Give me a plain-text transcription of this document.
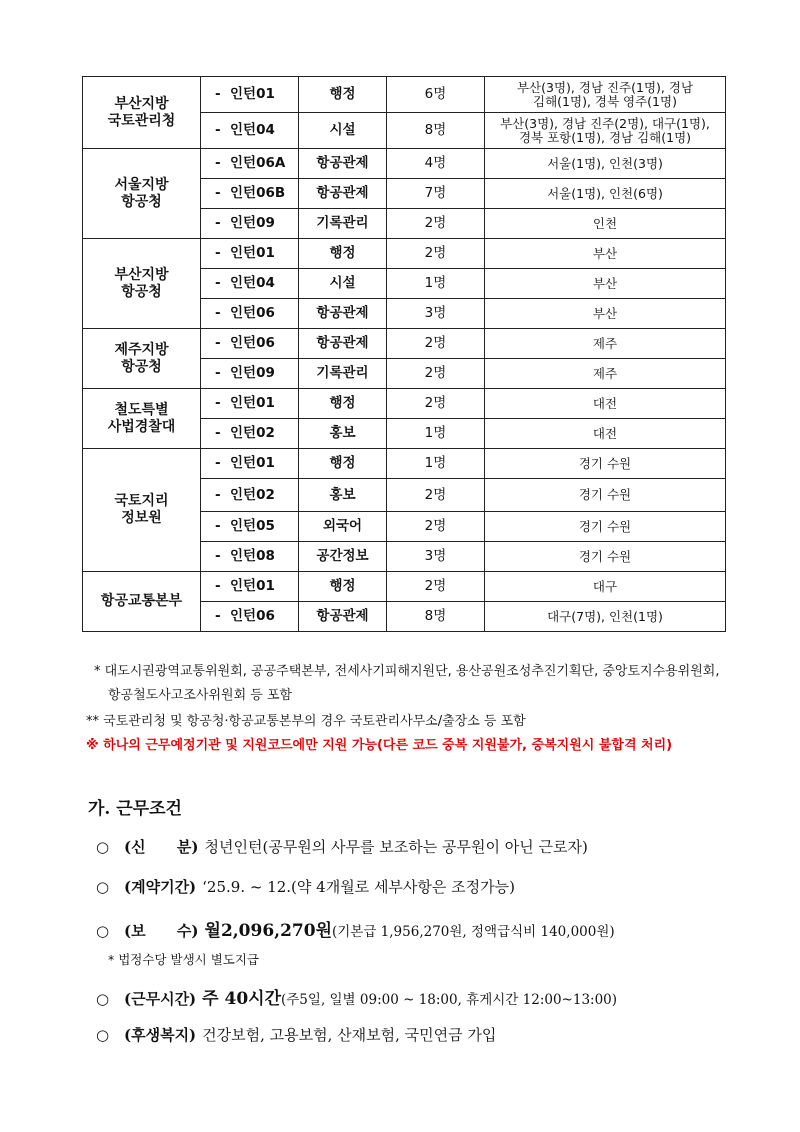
부산지방
국토관리청	-  인턴01	행정	6명	부산(3명), 경남 진주(1명), 경남
김해(1명), 경북 영주(1명)
	-  인턴04	시설	8명	부산(3명), 경남 진주(2명), 대구(1명),
경북 포항(1명), 경남 김해(1명)
서울지방
항공청	-  인턴06A	항공관제	4명	서울(1명), 인천(3명)
	-  인턴06B	항공관제	7명	서울(1명), 인천(6명)
	-  인턴09	기록관리	2명	인천
부산지방
항공청	-  인턴01	행정	2명	부산
	-  인턴04	시설	1명	부산
	-  인턴06	항공관제	3명	부산
제주지방
항공청	-  인턴06	항공관제	2명	제주
	-  인턴09	기록관리	2명	제주
철도특별
사법경찰대	-  인턴01	행정	2명	대전
	-  인턴02	홍보	1명	대전
국토지리
정보원	-  인턴01	행정	1명	경기 수원
	-  인턴02	홍보	2명	경기 수원
	-  인턴05	외국어	2명	경기 수원
	-  인턴08	공간정보	3명	경기 수원
항공교통본부	-  인턴01	행정	2명	대구
	-  인턴06	항공관제	8명	대구(7명), 인천(1명)
* 대도시권광역교통위원회, 공공주택본부, 전세사기피해지원단, 용산공원조성추진기획단, 중앙토지수용위원회, 항공철도사고조사위원회 등 포함
** 국토관리청 및 항공청·항공교통본부의 경우 국토관리사무소/출장소 등 포함
※ 하나의 근무예정기관 및 지원코드에만 지원 가능(다른 코드 중복 지원불가, 중복지원시 불합격 처리)
가. 근무조건
○ (신      분) 청년인턴(공무원의 사무를 보조하는 공무원이 아닌 근로자)
○ (계약기간) ‘25.9. ~ 12.(약 4개월로 세부사항은 조정가능)
○ (보      수) 월2,096,270원(기본급 1,956,270원, 정액급식비 140,000원)
* 법정수당 발생시 별도지급
○ (근무시간) 주 40시간(주5일, 일별 09:00 ~ 18:00, 휴게시간 12:00~13:00)
○ (후생복지) 건강보험, 고용보험, 산재보험, 국민연금 가입
